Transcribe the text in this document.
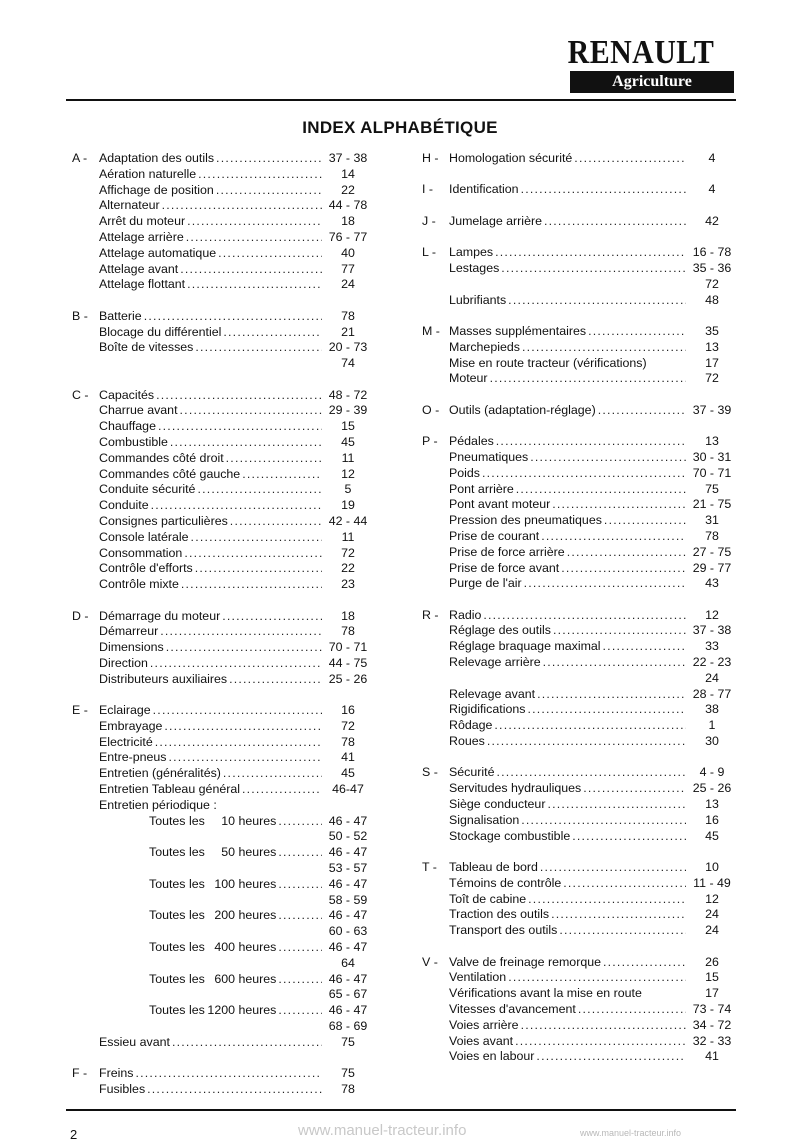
RENAULT
Agriculture
INDEX ALPHABÉTIQUE
A - Adaptation des outils .....	37 - 38
Aération naturelle .....	14
Affichage de position .....	22
Alternateur .....	44 - 78
Arrêt du moteur .....	18
Attelage arrière .....	76 - 77
Attelage automatique .....	40
Attelage avant .....	77
Attelage flottant .....	24
B - Batterie .....	78
Blocage du différentiel .....	21
Boîte de vitesses .....	20 - 73
74
C - Capacités .....	48 - 72
Charrue avant .....	29 - 39
Chauffage .....	15
Combustible .....	45
Commandes côté droit .....	11
Commandes côté gauche .....	12
Conduite sécurité .....	5
Conduite .....	19
Consignes particulières .....	42 - 44
Console latérale .....	11
Consommation .....	72
Contrôle d'efforts .....	22
Contrôle mixte .....	23
D - Démarrage du moteur .....	18
Démarreur .....	78
Dimensions .....	70 - 71
Direction .....	44 - 75
Distributeurs auxiliaires .....	25 - 26
E - Eclairage .....	16
Embrayage .....	72
Electricité .....	78
Entre-pneus .....	41
Entretien (généralités) .....	45
Entretien Tableau général .....	46-47
Entretien périodique :
Toutes les 10 heures .....	46 - 47
50 - 52
Toutes les 50 heures .....	46 - 47
53 - 57
Toutes les 100 heures .....	46 - 47
58 - 59
Toutes les 200 heures .....	46 - 47
60 - 63
Toutes les 400 heures .....	46 - 47
64
Toutes les 600 heures .....	46 - 47
65 - 67
Toutes les 1200 heures .....	46 - 47
68 - 69
Essieu avant .....	75
F - Freins .....	75
Fusibles .....	78
H - Homologation sécurité .....	4
I -	Identification .....	4
J -	Jumelage arrière .....	42
L -	Lampes .....	16 - 78
Lestages .....	35 - 36
72
Lubrifiants .....	48
M - Masses supplémentaires .....	35
Marchepieds .....	13
Mise en route tracteur (vérifications)	17
Moteur .....	72
O - Outils (adaptation-réglage) .....	37 - 39
P - Pédales .....	13
Pneumatiques .....	30 - 31
Poids .....	70 - 71
Pont arrière .....	75
Pont avant moteur .....	21 - 75
Pression des pneumatiques .....	31
Prise de courant .....	78
Prise de force arrière .....	27 - 75
Prise de force avant .....	29 - 77
Purge de l'air .....	43
R - Radio .....	12
Réglage des outils .....	37 - 38
Réglage braquage maximal .....	33
Relevage arrière .....	22 - 23
24
Relevage avant .....	28 - 77
Rigidifications .....	38
Rôdage .....	1
Roues .....	30
S - Sécurité .....	4 - 9
Servitudes hydrauliques .....	25 - 26
Siège conducteur .....	13
Signalisation .....	16
Stockage combustible .....	45
T - Tableau de bord .....	10
Témoins de contrôle .....	11 - 49
Toît de cabine .....	12
Traction des outils .....	24
Transport des outils .....	24
V - Valve de freinage remorque .....	26
Ventilation .....	15
Vérifications avant la mise en route	17
Vitesses d'avancement .....	73 - 74
Voies arrière .....	34 - 72
Voies avant .....	32 - 33
Voies en labour .....	41
2	www.manuel-tracteur.info	www.manuel-tracteur.info
